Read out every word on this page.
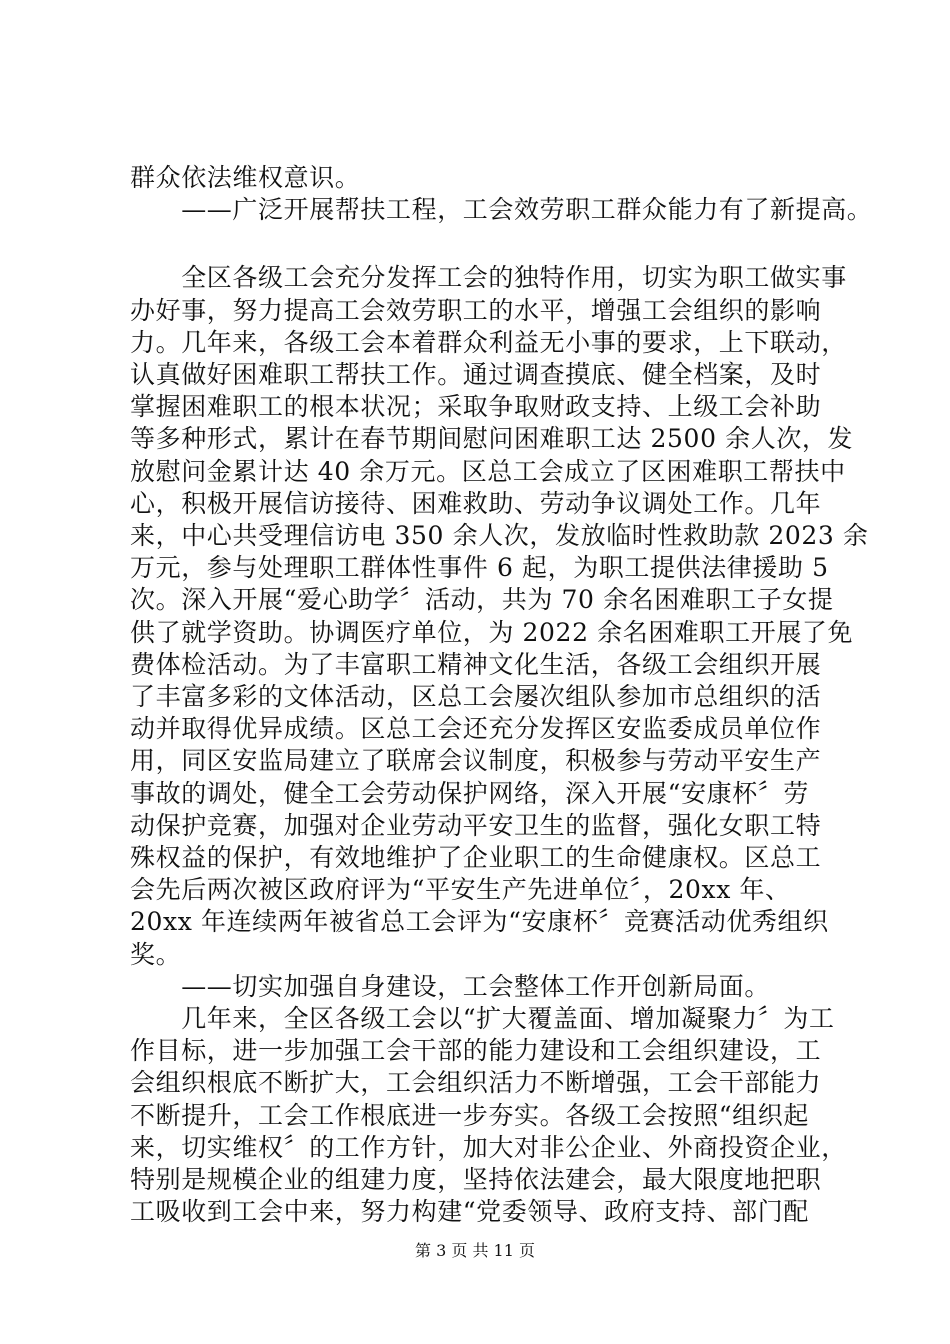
群众依法维权意识。
　　——广泛开展帮扶工程，工会效劳职工群众能力有了新提高。
　　全区各级工会充分发挥工会的独特作用，切实为职工做实事
办好事，努力提高工会效劳职工的水平，增强工会组织的影响
力。几年来，各级工会本着群众利益无小事的要求，上下联动，
认真做好困难职工帮扶工作。通过调查摸底、健全档案，及时
掌握困难职工的根本状况；采取争取财政支持、上级工会补助
等多种形式，累计在春节期间慰问困难职工达 2500 余人次，发
放慰问金累计达 40 余万元。区总工会成立了区困难职工帮扶中
心，积极开展信访接待、困难救助、劳动争议调处工作。几年
来，中心共受理信访电 350 余人次，发放临时性救助款 2023 余
万元，参与处理职工群体性事件 6 起，为职工提供法律援助 5
次。深入开展“爱心助学〞活动，共为 70 余名困难职工子女提
供了就学资助。协调医疗单位，为 2022 余名困难职工开展了免
费体检活动。为了丰富职工精神文化生活，各级工会组织开展
了丰富多彩的文体活动，区总工会屡次组队参加市总组织的活
动并取得优异成绩。区总工会还充分发挥区安监委成员单位作
用，同区安监局建立了联席会议制度，积极参与劳动平安生产
事故的调处，健全工会劳动保护网络，深入开展“安康杯〞劳
动保护竞赛，加强对企业劳动平安卫生的监督，强化女职工特
殊权益的保护，有效地维护了企业职工的生命健康权。区总工
会先后两次被区政府评为“平安生产先进单位〞，20xx 年、
20xx 年连续两年被省总工会评为“安康杯〞竞赛活动优秀组织
奖。
　　——切实加强自身建设，工会整体工作开创新局面。
　　几年来，全区各级工会以“扩大覆盖面、增加凝聚力〞为工
作目标，进一步加强工会干部的能力建设和工会组织建设，工
会组织根底不断扩大，工会组织活力不断增强，工会干部能力
不断提升，工会工作根底进一步夯实。各级工会按照“组织起
来，切实维权〞的工作方针，加大对非公企业、外商投资企业，
特别是规模企业的组建力度，坚持依法建会，最大限度地把职
工吸收到工会中来，努力构建“党委领导、政府支持、部门配
第 3 页 共 11 页
